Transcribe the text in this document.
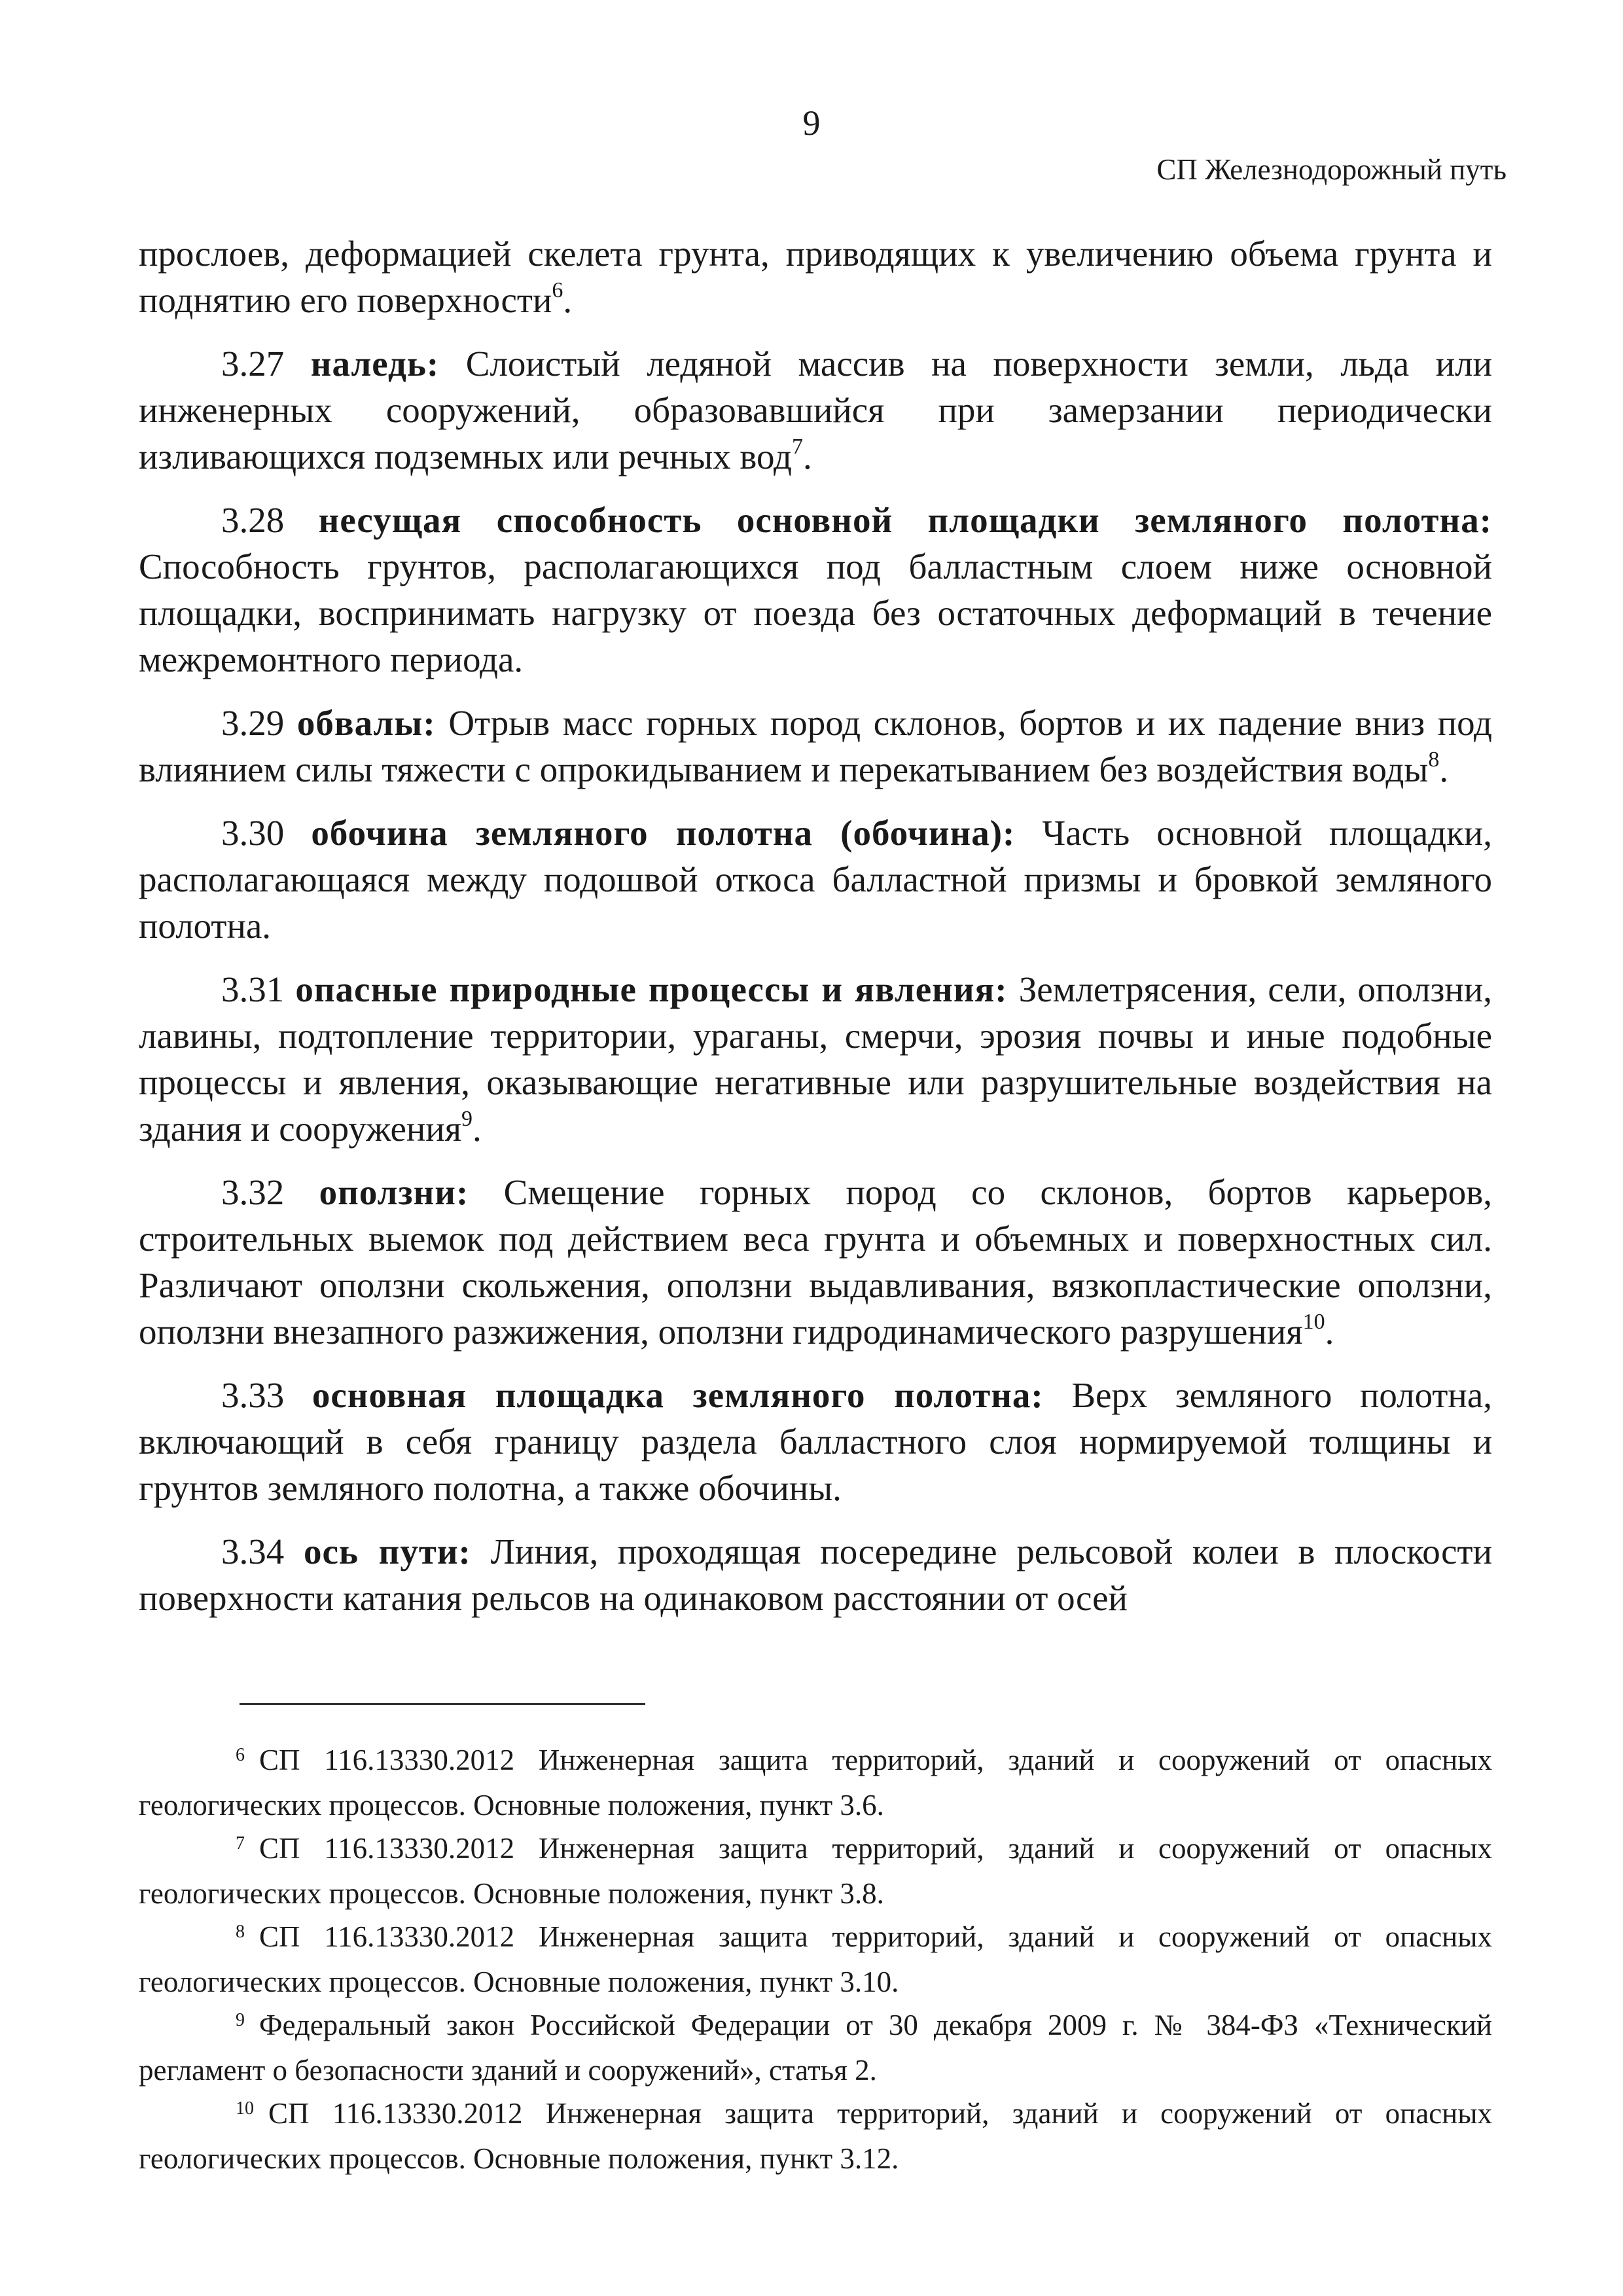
9
СП Железнодорожный путь

прослоев, деформацией скелета грунта, приводящих к увеличению объема грунта и поднятию его поверхности$^6$.

3.27 наледь: Слоистый ледяной массив на поверхности земли, льда или инженерных сооружений, образовавшийся при замерзании периодически изливающихся подземных или речных вод$^7$.

3.28 несущая способность основной площадки земляного полотна: Способность грунтов, располагающихся под балластным слоем ниже основной площадки, воспринимать нагрузку от поезда без остаточных деформаций в течение межремонтного периода.

3.29 обвалы: Отрыв масс горных пород склонов, бортов и их падение вниз под влиянием силы тяжести с опрокидыванием и перекатыванием без воздействия воды$^8$.

3.30 обочина земляного полотна (обочина): Часть основной площадки, располагающаяся между подошвой откоса балластной призмы и бровкой земляного полотна.

3.31 опасные природные процессы и явления: Землетрясения, сели, оползни, лавины, подтопление территории, ураганы, смерчи, эрозия почвы и иные подобные процессы и явления, оказывающие негативные или разрушительные воздействия на здания и сооружения$^9$.

3.32 оползни: Смещение горных пород со склонов, бортов карьеров, строительных выемок под действием веса грунта и объемных и поверхностных сил. Различают оползни скольжения, оползни выдавливания, вязкопластические оползни, оползни внезапного разжижения, оползни гидродинамического разрушения$^{10}$.

3.33 основная площадка земляного полотна: Верх земляного полотна, включающий в себя границу раздела балластного слоя нормируемой толщины и грунтов земляного полотна, а также обочины.

3.34 ось пути: Линия, проходящая посередине рельсовой колеи в плоскости поверхности катания рельсов на одинаковом расстоянии от осей

$^6$ СП 116.13330.2012 Инженерная защита территорий, зданий и сооружений от опасных геологических процессов. Основные положения, пункт 3.6.

$^7$ СП 116.13330.2012 Инженерная защита территорий, зданий и сооружений от опасных геологических процессов. Основные положения, пункт 3.8.

$^8$ СП 116.13330.2012 Инженерная защита территорий, зданий и сооружений от опасных геологических процессов. Основные положения, пункт 3.10.

$^9$ Федеральный закон Российской Федерации от 30 декабря 2009 г. № 384-ФЗ «Технический регламент о безопасности зданий и сооружений», статья 2.

$^{10}$ СП 116.13330.2012 Инженерная защита территорий, зданий и сооружений от опасных геологических процессов. Основные положения, пункт 3.12.
